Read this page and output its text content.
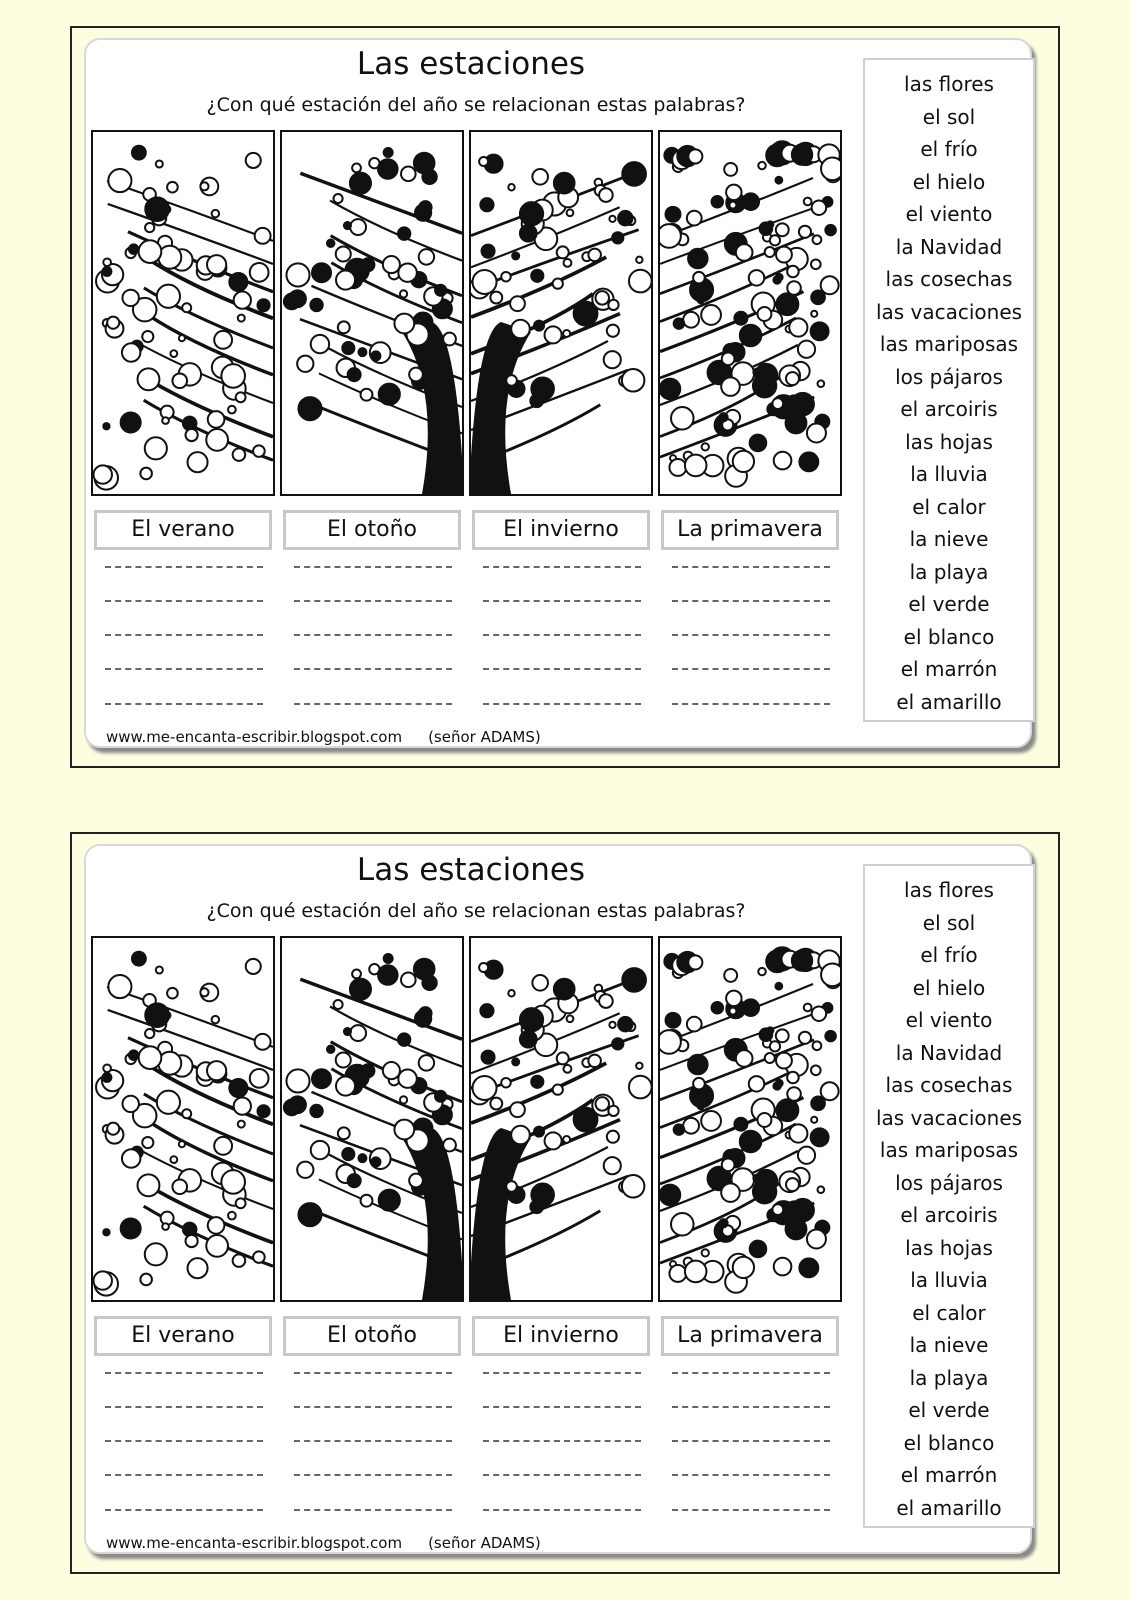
Las estaciones

¿Con qué estación del año se relacionan estas palabras?

El verano	El otoño	El invierno	La primavera
las flores
el sol
el frío
el hielo
el viento
la Navidad
las cosechas
las vacaciones
las mariposas
los pájaros
el arcoiris
las hojas
la lluvia
el calor
la nieve
la playa
el verde
el blanco
el marrón
el amarillo
www.me-encanta-escribir.blogspot.com (señor ADAMS)
Las estaciones

¿Con qué estación del año se relacionan estas palabras?

El verano	El otoño	El invierno	La primavera
las flores
el sol
el frío
el hielo
el viento
la Navidad
las cosechas
las vacaciones
las mariposas
los pájaros
el arcoiris
las hojas
la lluvia
el calor
la nieve
la playa
el verde
el blanco
el marrón
el amarillo
www.me-encanta-escribir.blogspot.com (señor ADAMS)
